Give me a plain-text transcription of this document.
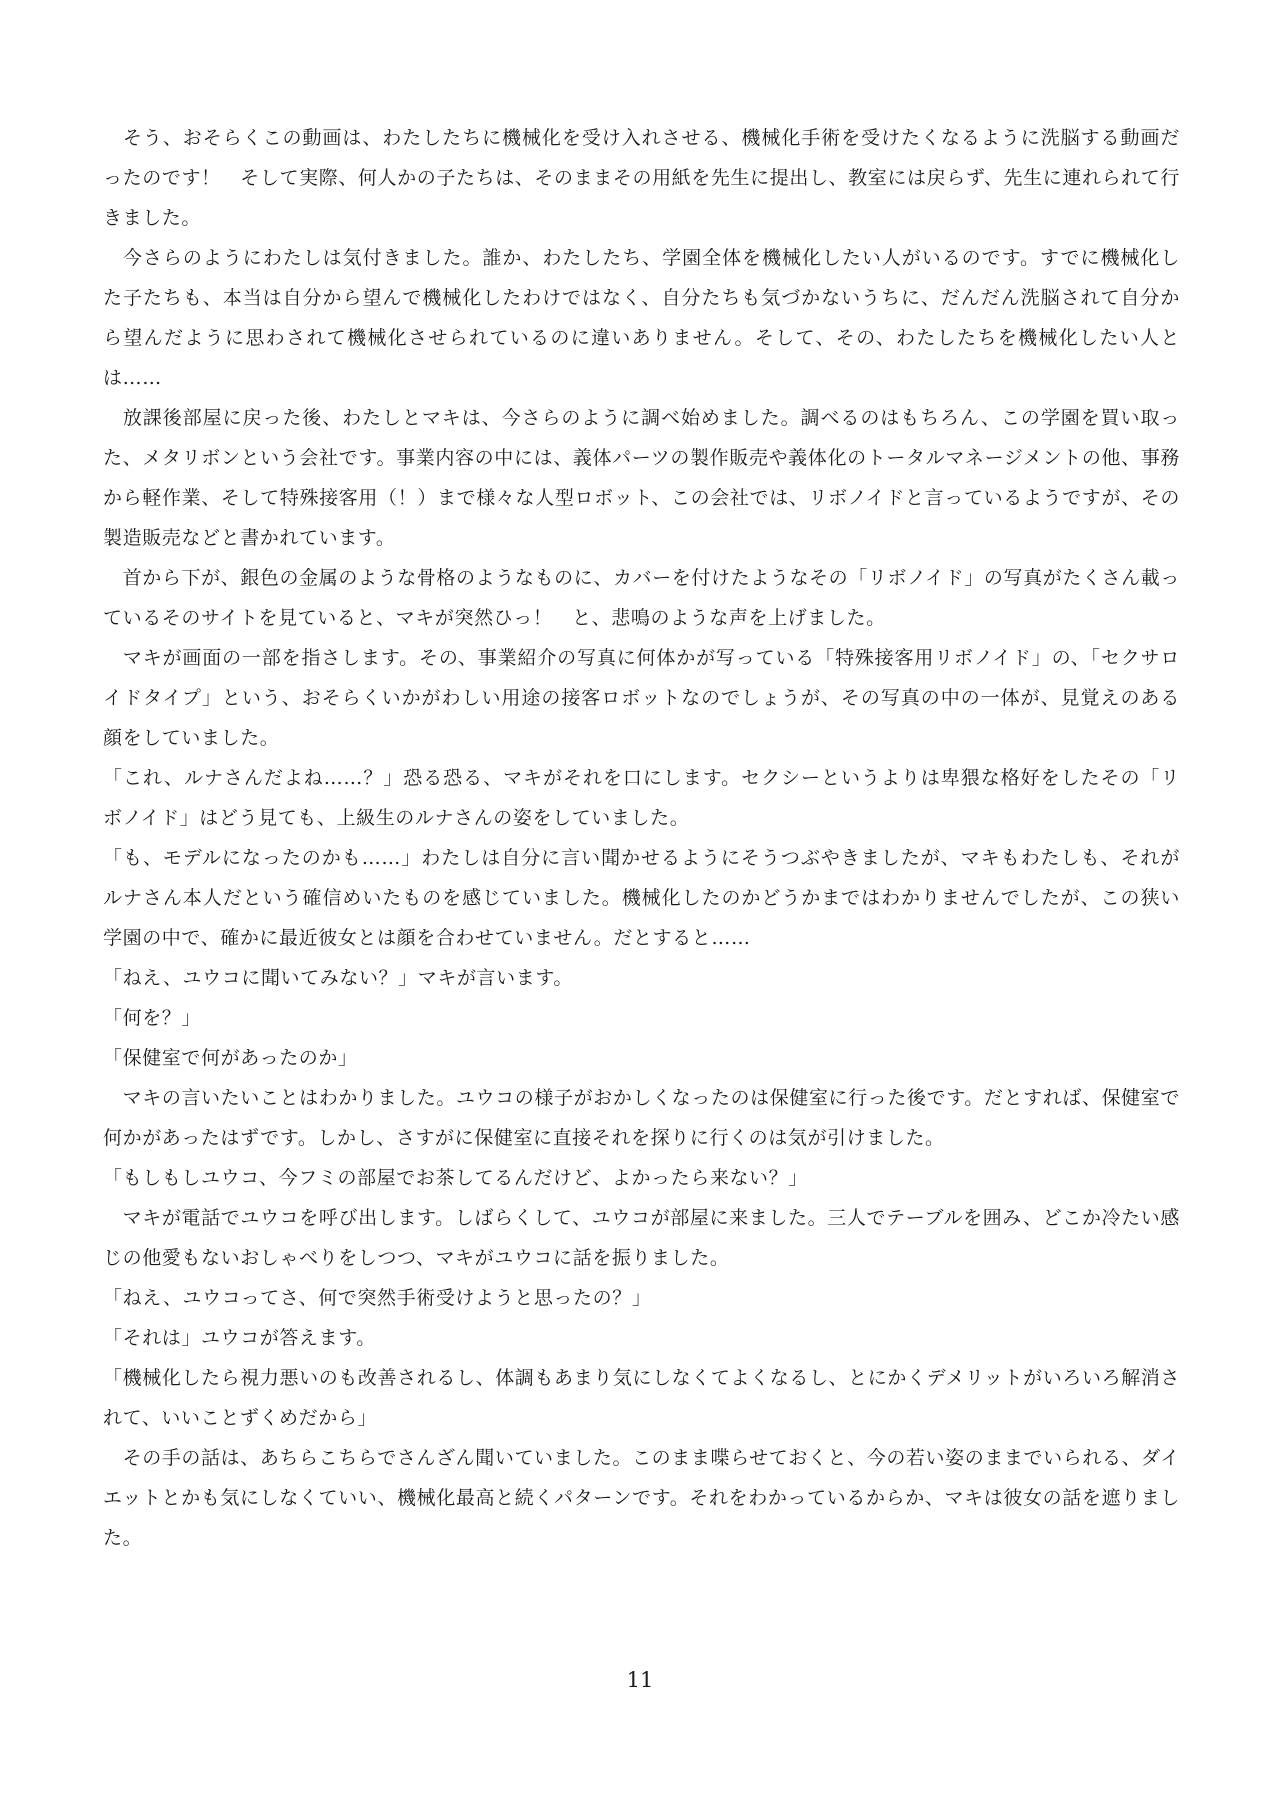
　そう、おそらくこの動画は、わたしたちに機械化を受け入れさせる、機械化手術を受けたくなるように洗脳する動画だったのです！　そして実際、何人かの子たちは、そのままその用紙を先生に提出し、教室には戻らず、先生に連れられて行きました。

　今さらのようにわたしは気付きました。誰か、わたしたち、学園全体を機械化したい人がいるのです。すでに機械化した子たちも、本当は自分から望んで機械化したわけではなく、自分たちも気づかないうちに、だんだん洗脳されて自分から望んだように思わされて機械化させられているのに違いありません。そして、その、わたしたちを機械化したい人とは……

　放課後部屋に戻った後、わたしとマキは、今さらのように調べ始めました。調べるのはもちろん、この学園を買い取った、メタリボンという会社です。事業内容の中には、義体パーツの製作販売や義体化のトータルマネージメントの他、事務から軽作業、そして特殊接客用（！）まで様々な人型ロボット、この会社では、リボノイドと言っているようですが、その製造販売などと書かれています。

　首から下が、銀色の金属のような骨格のようなものに、カバーを付けたようなその「リボノイド」の写真がたくさん載っているそのサイトを見ていると、マキが突然ひっ！　と、悲鳴のような声を上げました。

　マキが画面の一部を指さします。その、事業紹介の写真に何体かが写っている「特殊接客用リボノイド」の、「セクサロイドタイプ」という、おそらくいかがわしい用途の接客ロボットなのでしょうが、その写真の中の一体が、見覚えのある顔をしていました。

「これ、ルナさんだよね……？」恐る恐る、マキがそれを口にします。セクシーというよりは卑猥な格好をしたその「リボノイド」はどう見ても、上級生のルナさんの姿をしていました。

「も、モデルになったのかも……」わたしは自分に言い聞かせるようにそうつぶやきましたが、マキもわたしも、それがルナさん本人だという確信めいたものを感じていました。機械化したのかどうかまではわかりませんでしたが、この狭い学園の中で、確かに最近彼女とは顔を合わせていません。だとすると……

「ねえ、ユウコに聞いてみない？」マキが言います。

「何を？」

「保健室で何があったのか」

　マキの言いたいことはわかりました。ユウコの様子がおかしくなったのは保健室に行った後です。だとすれば、保健室で何かがあったはずです。しかし、さすがに保健室に直接それを探りに行くのは気が引けました。

「もしもしユウコ、今フミの部屋でお茶してるんだけど、よかったら来ない？」

　マキが電話でユウコを呼び出します。しばらくして、ユウコが部屋に来ました。三人でテーブルを囲み、どこか冷たい感じの他愛もないおしゃべりをしつつ、マキがユウコに話を振りました。

「ねえ、ユウコってさ、何で突然手術受けようと思ったの？」

「それは」ユウコが答えます。

「機械化したら視力悪いのも改善されるし、体調もあまり気にしなくてよくなるし、とにかくデメリットがいろいろ解消されて、いいことずくめだから」

　その手の話は、あちらこちらでさんざん聞いていました。このまま喋らせておくと、今の若い姿のままでいられる、ダイエットとかも気にしなくていい、機械化最高と続くパターンです。それをわかっているからか、マキは彼女の話を遮りました。

11
